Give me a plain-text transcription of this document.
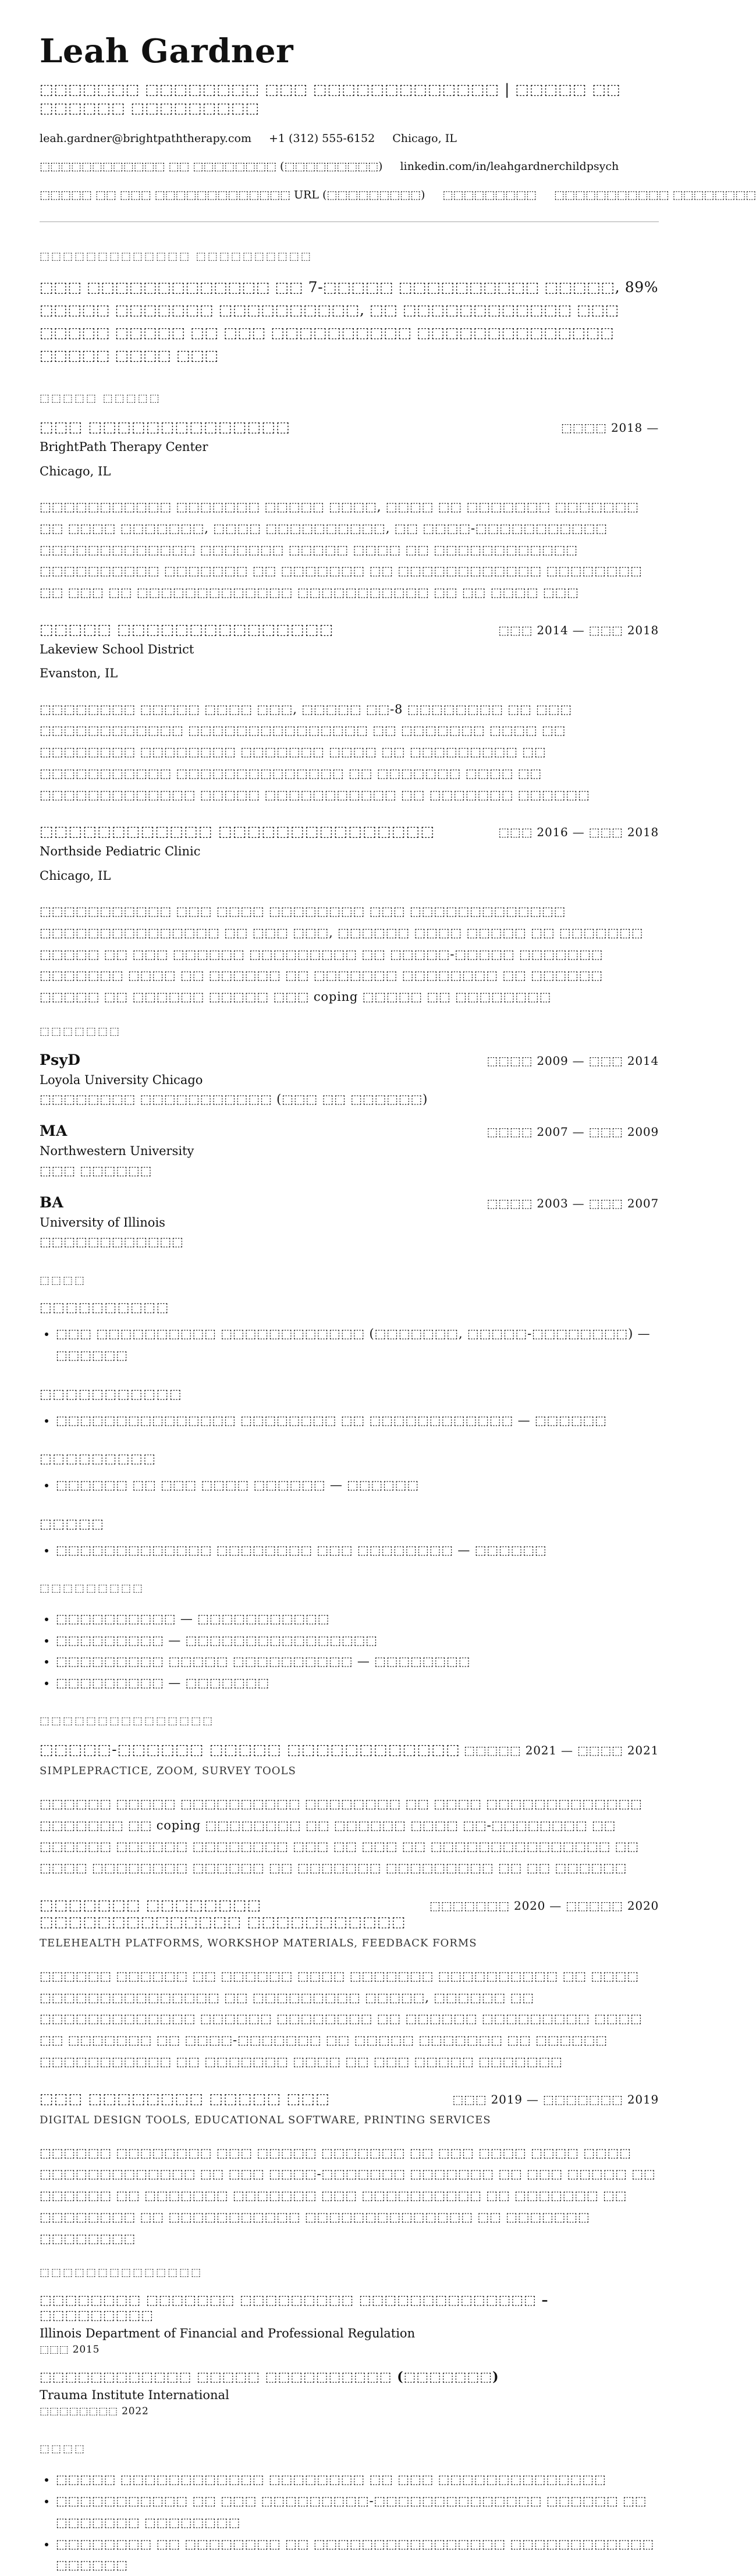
Leah Gardner
⬚⬚⬚⬚⬚⬚⬚ ⬚⬚⬚⬚⬚⬚⬚⬚ ⬚⬚⬚ ⬚⬚⬚⬚⬚⬚⬚⬚⬚⬚⬚⬚⬚ | ⬚⬚⬚⬚⬚ ⬚⬚ ⬚⬚⬚⬚⬚⬚ ⬚⬚⬚⬚⬚⬚⬚⬚⬚
leah.gardner@brightpaththerapy.com +1 (312) 555-6152 Chicago, IL
⬚⬚⬚⬚⬚⬚⬚⬚⬚⬚⬚⬚ ⬚⬚ ⬚⬚⬚⬚⬚⬚⬚⬚ (⬚⬚⬚⬚⬚⬚⬚⬚⬚) linkedin.com/in/leahgardnerchildpsych
⬚⬚⬚⬚⬚ ⬚⬚ ⬚⬚⬚ ⬚⬚⬚⬚⬚⬚⬚⬚⬚⬚⬚⬚⬚ URL (⬚⬚⬚⬚⬚⬚⬚⬚⬚) ⬚⬚⬚⬚⬚⬚⬚⬚⬚ ⬚⬚⬚⬚⬚⬚⬚⬚⬚⬚⬚ ⬚⬚⬚⬚⬚⬚⬚⬚
⬚⬚⬚⬚⬚⬚⬚⬚⬚⬚⬚⬚⬚ ⬚⬚⬚⬚⬚⬚⬚⬚⬚⬚
⬚⬚⬚ ⬚⬚⬚⬚⬚⬚⬚⬚⬚⬚⬚⬚⬚ ⬚⬚ 7-⬚⬚⬚⬚⬚ ⬚⬚⬚⬚⬚⬚⬚⬚⬚⬚ ⬚⬚⬚⬚⬚, 89% ⬚⬚⬚⬚⬚ ⬚⬚⬚⬚⬚⬚⬚ ⬚⬚⬚⬚⬚⬚⬚⬚⬚⬚, ⬚⬚ ⬚⬚⬚⬚⬚⬚⬚⬚⬚⬚⬚⬚ ⬚⬚⬚ ⬚⬚⬚⬚⬚ ⬚⬚⬚⬚⬚ ⬚⬚ ⬚⬚⬚ ⬚⬚⬚⬚⬚⬚⬚⬚⬚⬚ ⬚⬚⬚⬚⬚⬚⬚⬚⬚⬚⬚⬚⬚⬚ ⬚⬚⬚⬚⬚ ⬚⬚⬚⬚ ⬚⬚⬚
⬚⬚⬚⬚⬚ ⬚⬚⬚⬚⬚
⬚⬚⬚ ⬚⬚⬚⬚⬚⬚⬚⬚⬚⬚⬚⬚⬚⬚	⬚⬚⬚⬚ 2018 —
BrightPath Therapy Center
Chicago, IL
⬚⬚⬚⬚⬚⬚⬚⬚⬚⬚⬚ ⬚⬚⬚⬚⬚⬚⬚ ⬚⬚⬚⬚⬚ ⬚⬚⬚⬚, ⬚⬚⬚⬚ ⬚⬚ ⬚⬚⬚⬚⬚⬚⬚ ⬚⬚⬚⬚⬚⬚⬚ ⬚⬚ ⬚⬚⬚⬚ ⬚⬚⬚⬚⬚⬚⬚, ⬚⬚⬚⬚ ⬚⬚⬚⬚⬚⬚⬚⬚⬚⬚, ⬚⬚ ⬚⬚⬚⬚-⬚⬚⬚⬚⬚⬚⬚⬚⬚⬚⬚ ⬚⬚⬚⬚⬚⬚⬚⬚⬚⬚⬚⬚⬚ ⬚⬚⬚⬚⬚⬚⬚ ⬚⬚⬚⬚⬚ ⬚⬚⬚⬚ ⬚⬚ ⬚⬚⬚⬚⬚⬚⬚⬚⬚⬚⬚⬚ ⬚⬚⬚⬚⬚⬚⬚⬚⬚⬚ ⬚⬚⬚⬚⬚⬚⬚ ⬚⬚ ⬚⬚⬚⬚⬚⬚⬚ ⬚⬚ ⬚⬚⬚⬚⬚⬚⬚⬚⬚⬚⬚⬚ ⬚⬚⬚⬚⬚⬚⬚⬚ ⬚⬚ ⬚⬚⬚ ⬚⬚ ⬚⬚⬚⬚⬚⬚⬚⬚⬚⬚⬚⬚⬚ ⬚⬚⬚⬚⬚⬚⬚⬚⬚⬚⬚ ⬚⬚ ⬚⬚ ⬚⬚⬚⬚ ⬚⬚⬚
⬚⬚⬚⬚⬚ ⬚⬚⬚⬚⬚⬚⬚⬚⬚⬚⬚⬚⬚⬚⬚	⬚⬚⬚ 2014 — ⬚⬚⬚ 2018
Lakeview School District
Evanston, IL
⬚⬚⬚⬚⬚⬚⬚⬚ ⬚⬚⬚⬚⬚ ⬚⬚⬚⬚ ⬚⬚⬚, ⬚⬚⬚⬚⬚ ⬚⬚-8 ⬚⬚⬚⬚⬚⬚⬚⬚ ⬚⬚ ⬚⬚⬚ ⬚⬚⬚⬚⬚⬚⬚⬚⬚⬚⬚⬚ ⬚⬚⬚⬚⬚⬚⬚⬚⬚⬚⬚⬚⬚⬚⬚ ⬚⬚ ⬚⬚⬚⬚⬚⬚⬚ ⬚⬚⬚⬚ ⬚⬚ ⬚⬚⬚⬚⬚⬚⬚⬚ ⬚⬚⬚⬚⬚⬚⬚⬚ ⬚⬚⬚⬚⬚⬚⬚ ⬚⬚⬚⬚ ⬚⬚ ⬚⬚⬚⬚⬚⬚⬚⬚⬚ ⬚⬚ ⬚⬚⬚⬚⬚⬚⬚⬚⬚⬚⬚ ⬚⬚⬚⬚⬚⬚⬚⬚⬚⬚⬚⬚⬚⬚ ⬚⬚ ⬚⬚⬚⬚⬚⬚⬚ ⬚⬚⬚⬚ ⬚⬚ ⬚⬚⬚⬚⬚⬚⬚⬚⬚⬚⬚⬚⬚ ⬚⬚⬚⬚⬚ ⬚⬚⬚⬚⬚⬚⬚⬚⬚⬚⬚ ⬚⬚ ⬚⬚⬚⬚⬚⬚⬚ ⬚⬚⬚⬚⬚⬚
⬚⬚⬚⬚⬚⬚⬚⬚⬚⬚⬚⬚ ⬚⬚⬚⬚⬚⬚⬚⬚⬚⬚⬚⬚⬚⬚⬚	⬚⬚⬚ 2016 — ⬚⬚⬚ 2018
Northside Pediatric Clinic
Chicago, IL
⬚⬚⬚⬚⬚⬚⬚⬚⬚⬚⬚ ⬚⬚⬚ ⬚⬚⬚⬚ ⬚⬚⬚⬚⬚⬚⬚⬚ ⬚⬚⬚ ⬚⬚⬚⬚⬚⬚⬚⬚⬚⬚⬚⬚⬚ ⬚⬚⬚⬚⬚⬚⬚⬚⬚⬚⬚⬚⬚⬚⬚ ⬚⬚ ⬚⬚⬚ ⬚⬚⬚, ⬚⬚⬚⬚⬚⬚ ⬚⬚⬚⬚ ⬚⬚⬚⬚⬚ ⬚⬚ ⬚⬚⬚⬚⬚⬚⬚ ⬚⬚⬚⬚⬚ ⬚⬚ ⬚⬚⬚ ⬚⬚⬚⬚⬚⬚ ⬚⬚⬚⬚⬚⬚⬚⬚⬚ ⬚⬚ ⬚⬚⬚⬚⬚-⬚⬚⬚⬚⬚ ⬚⬚⬚⬚⬚⬚⬚ ⬚⬚⬚⬚⬚⬚⬚ ⬚⬚⬚⬚ ⬚⬚ ⬚⬚⬚⬚⬚⬚ ⬚⬚ ⬚⬚⬚⬚⬚⬚⬚ ⬚⬚⬚⬚⬚⬚⬚⬚ ⬚⬚ ⬚⬚⬚⬚⬚⬚ ⬚⬚⬚⬚⬚ ⬚⬚ ⬚⬚⬚⬚⬚⬚ ⬚⬚⬚⬚⬚ ⬚⬚⬚ coping ⬚⬚⬚⬚⬚ ⬚⬚ ⬚⬚⬚⬚⬚⬚⬚⬚
⬚⬚⬚⬚⬚⬚⬚
PsyD	⬚⬚⬚⬚ 2009 — ⬚⬚⬚ 2014
Loyola University Chicago
⬚⬚⬚⬚⬚⬚⬚⬚ ⬚⬚⬚⬚⬚⬚⬚⬚⬚⬚⬚ (⬚⬚⬚ ⬚⬚ ⬚⬚⬚⬚⬚⬚)
MA	⬚⬚⬚⬚ 2007 — ⬚⬚⬚ 2009
Northwestern University
⬚⬚⬚ ⬚⬚⬚⬚⬚⬚
BA	⬚⬚⬚⬚ 2003 — ⬚⬚⬚ 2007
University of Illinois
⬚⬚⬚⬚⬚⬚⬚⬚⬚⬚⬚⬚
⬚⬚⬚⬚
⬚⬚⬚⬚⬚⬚⬚⬚⬚⬚
• ⬚⬚⬚ ⬚⬚⬚⬚⬚⬚⬚⬚⬚⬚ ⬚⬚⬚⬚⬚⬚⬚⬚⬚⬚⬚⬚ (⬚⬚⬚⬚⬚⬚⬚, ⬚⬚⬚⬚⬚-⬚⬚⬚⬚⬚⬚⬚⬚) — ⬚⬚⬚⬚⬚⬚
⬚⬚⬚⬚⬚⬚⬚⬚⬚⬚⬚
• ⬚⬚⬚⬚⬚⬚⬚⬚⬚⬚⬚⬚⬚⬚⬚ ⬚⬚⬚⬚⬚⬚⬚⬚ ⬚⬚ ⬚⬚⬚⬚⬚⬚⬚⬚⬚⬚⬚⬚ — ⬚⬚⬚⬚⬚⬚
⬚⬚⬚⬚⬚⬚⬚⬚⬚
• ⬚⬚⬚⬚⬚⬚ ⬚⬚ ⬚⬚⬚ ⬚⬚⬚⬚ ⬚⬚⬚⬚⬚⬚ — ⬚⬚⬚⬚⬚⬚
⬚⬚⬚⬚⬚
• ⬚⬚⬚⬚⬚⬚⬚⬚⬚⬚⬚⬚⬚ ⬚⬚⬚⬚⬚⬚⬚⬚ ⬚⬚⬚ ⬚⬚⬚⬚⬚⬚⬚⬚ — ⬚⬚⬚⬚⬚⬚
⬚⬚⬚⬚⬚⬚⬚⬚⬚
• ⬚⬚⬚⬚⬚⬚⬚⬚⬚⬚ — ⬚⬚⬚⬚⬚⬚⬚⬚⬚⬚⬚
• ⬚⬚⬚⬚⬚⬚⬚⬚⬚ — ⬚⬚⬚⬚⬚⬚⬚⬚⬚⬚⬚⬚⬚⬚⬚⬚
• ⬚⬚⬚⬚⬚⬚⬚⬚⬚ ⬚⬚⬚⬚⬚ ⬚⬚⬚⬚⬚⬚⬚⬚⬚⬚ — ⬚⬚⬚⬚⬚⬚⬚⬚
• ⬚⬚⬚⬚⬚⬚⬚⬚⬚ — ⬚⬚⬚⬚⬚⬚⬚
⬚⬚⬚⬚⬚⬚⬚⬚⬚⬚⬚⬚⬚⬚⬚
⬚⬚⬚⬚⬚-⬚⬚⬚⬚⬚⬚ ⬚⬚⬚⬚⬚ ⬚⬚⬚⬚⬚⬚⬚⬚⬚⬚⬚⬚ ⬚⬚⬚⬚⬚ 2021 — ⬚⬚⬚⬚ 2021
SIMPLEPRACTICE, ZOOM, SURVEY TOOLS
⬚⬚⬚⬚⬚⬚ ⬚⬚⬚⬚⬚ ⬚⬚⬚⬚⬚⬚⬚⬚⬚⬚ ⬚⬚⬚⬚⬚⬚⬚⬚ ⬚⬚ ⬚⬚⬚⬚ ⬚⬚⬚⬚⬚⬚⬚⬚⬚⬚⬚⬚⬚ ⬚⬚⬚⬚⬚⬚⬚ ⬚⬚ coping ⬚⬚⬚⬚⬚⬚⬚⬚ ⬚⬚ ⬚⬚⬚⬚⬚⬚ ⬚⬚⬚⬚ ⬚⬚-⬚⬚⬚⬚⬚⬚⬚⬚ ⬚⬚ ⬚⬚⬚⬚⬚⬚ ⬚⬚⬚⬚⬚⬚ ⬚⬚⬚⬚⬚⬚⬚⬚ ⬚⬚⬚ ⬚⬚ ⬚⬚⬚ ⬚⬚ ⬚⬚⬚⬚⬚⬚⬚⬚⬚⬚⬚⬚⬚⬚⬚ ⬚⬚ ⬚⬚⬚⬚ ⬚⬚⬚⬚⬚⬚⬚⬚ ⬚⬚⬚⬚⬚⬚ ⬚⬚ ⬚⬚⬚⬚⬚⬚⬚ ⬚⬚⬚⬚⬚⬚⬚⬚⬚ ⬚⬚ ⬚⬚ ⬚⬚⬚⬚⬚⬚
⬚⬚⬚⬚⬚⬚⬚ ⬚⬚⬚⬚⬚⬚⬚⬚ ⬚⬚⬚⬚⬚⬚⬚⬚⬚⬚⬚⬚⬚⬚ ⬚⬚⬚⬚⬚⬚⬚⬚⬚⬚⬚
⬚⬚⬚⬚⬚⬚⬚ 2020 — ⬚⬚⬚⬚⬚ 2020
TELEHEALTH PLATFORMS, WORKSHOP MATERIALS, FEEDBACK FORMS
⬚⬚⬚⬚⬚⬚ ⬚⬚⬚⬚⬚⬚ ⬚⬚ ⬚⬚⬚⬚⬚⬚ ⬚⬚⬚⬚ ⬚⬚⬚⬚⬚⬚⬚ ⬚⬚⬚⬚⬚⬚⬚⬚⬚⬚ ⬚⬚ ⬚⬚⬚⬚ ⬚⬚⬚⬚⬚⬚⬚⬚⬚⬚⬚⬚⬚⬚⬚ ⬚⬚ ⬚⬚⬚⬚⬚⬚⬚⬚⬚ ⬚⬚⬚⬚⬚, ⬚⬚⬚⬚⬚⬚ ⬚⬚ ⬚⬚⬚⬚⬚⬚⬚⬚⬚⬚⬚⬚⬚ ⬚⬚⬚⬚⬚⬚ ⬚⬚⬚⬚⬚⬚⬚⬚ ⬚⬚ ⬚⬚⬚⬚⬚⬚ ⬚⬚⬚⬚⬚⬚⬚⬚⬚ ⬚⬚⬚⬚ ⬚⬚ ⬚⬚⬚⬚⬚⬚⬚ ⬚⬚ ⬚⬚⬚⬚-⬚⬚⬚⬚⬚⬚⬚ ⬚⬚ ⬚⬚⬚⬚⬚ ⬚⬚⬚⬚⬚⬚⬚ ⬚⬚ ⬚⬚⬚⬚⬚⬚ ⬚⬚⬚⬚⬚⬚⬚⬚⬚⬚⬚ ⬚⬚ ⬚⬚⬚⬚⬚⬚⬚ ⬚⬚⬚⬚ ⬚⬚ ⬚⬚⬚ ⬚⬚⬚⬚⬚ ⬚⬚⬚⬚⬚⬚⬚
⬚⬚⬚ ⬚⬚⬚⬚⬚⬚⬚⬚ ⬚⬚⬚⬚⬚ ⬚⬚⬚	⬚⬚⬚ 2019 — ⬚⬚⬚⬚⬚⬚⬚ 2019
DIGITAL DESIGN TOOLS, EDUCATIONAL SOFTWARE, PRINTING SERVICES
⬚⬚⬚⬚⬚⬚ ⬚⬚⬚⬚⬚⬚⬚⬚ ⬚⬚⬚ ⬚⬚⬚⬚⬚ ⬚⬚⬚⬚⬚⬚⬚ ⬚⬚ ⬚⬚⬚ ⬚⬚⬚⬚ ⬚⬚⬚⬚ ⬚⬚⬚⬚ ⬚⬚⬚⬚⬚⬚⬚⬚⬚⬚⬚⬚⬚ ⬚⬚ ⬚⬚⬚ ⬚⬚⬚⬚-⬚⬚⬚⬚⬚⬚⬚ ⬚⬚⬚⬚⬚⬚⬚ ⬚⬚ ⬚⬚⬚ ⬚⬚⬚⬚⬚ ⬚⬚ ⬚⬚⬚⬚⬚⬚ ⬚⬚ ⬚⬚⬚⬚⬚⬚⬚ ⬚⬚⬚⬚⬚⬚⬚ ⬚⬚⬚ ⬚⬚⬚⬚⬚⬚⬚⬚⬚⬚ ⬚⬚ ⬚⬚⬚⬚⬚⬚⬚ ⬚⬚ ⬚⬚⬚⬚⬚⬚⬚⬚ ⬚⬚ ⬚⬚⬚⬚⬚⬚⬚⬚⬚⬚⬚ ⬚⬚⬚⬚⬚⬚⬚⬚⬚⬚⬚⬚⬚⬚ ⬚⬚ ⬚⬚⬚⬚⬚⬚⬚ ⬚⬚⬚⬚⬚⬚⬚⬚
⬚⬚⬚⬚⬚⬚⬚⬚⬚⬚⬚⬚⬚⬚
⬚⬚⬚⬚⬚⬚⬚⬚ ⬚⬚⬚⬚⬚⬚⬚ ⬚⬚⬚⬚⬚⬚⬚⬚⬚ ⬚⬚⬚⬚⬚⬚⬚⬚⬚⬚⬚⬚⬚⬚ – ⬚⬚⬚⬚⬚⬚⬚⬚⬚
Illinois Department of Financial and Professional Regulation
⬚⬚⬚ 2015
⬚⬚⬚⬚⬚⬚⬚⬚⬚⬚⬚⬚ ⬚⬚⬚⬚⬚ ⬚⬚⬚⬚⬚⬚⬚⬚⬚⬚ (⬚⬚⬚⬚⬚⬚⬚)
Trauma Institute International
⬚⬚⬚⬚⬚⬚⬚⬚ 2022
⬚⬚⬚⬚
• ⬚⬚⬚⬚⬚ ⬚⬚⬚⬚⬚⬚⬚⬚⬚⬚⬚⬚ ⬚⬚⬚⬚⬚⬚⬚⬚ ⬚⬚ ⬚⬚⬚ ⬚⬚⬚⬚⬚⬚⬚⬚⬚⬚⬚⬚⬚⬚
• ⬚⬚⬚⬚⬚⬚⬚⬚⬚⬚⬚ ⬚⬚ ⬚⬚⬚ ⬚⬚⬚⬚⬚⬚⬚⬚⬚-⬚⬚⬚⬚⬚⬚⬚⬚⬚⬚⬚⬚⬚⬚ ⬚⬚⬚⬚⬚⬚ ⬚⬚ ⬚⬚⬚⬚⬚⬚⬚ ⬚⬚⬚⬚⬚⬚⬚⬚
• ⬚⬚⬚⬚⬚⬚⬚⬚ ⬚⬚ ⬚⬚⬚⬚⬚⬚⬚⬚ ⬚⬚ ⬚⬚⬚⬚⬚⬚⬚⬚⬚⬚⬚⬚⬚⬚⬚⬚ ⬚⬚⬚⬚⬚⬚⬚⬚⬚⬚⬚⬚ ⬚⬚⬚⬚⬚⬚
